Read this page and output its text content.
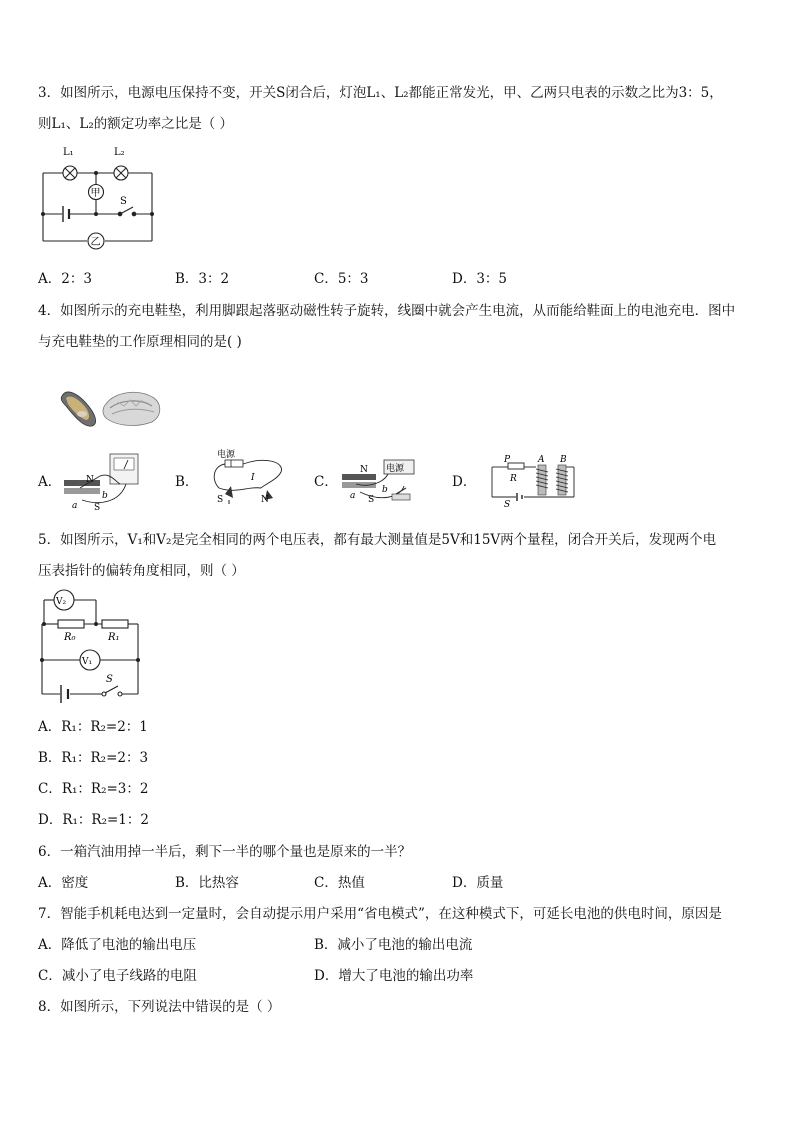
3．如图所示，电源电压保持不变，开关S闭合后，灯泡L₁、L₂都能正常发光，甲、乙两只电表的示数之比为3：5，
则L₁、L₂的额定功率之比是（ ）
L₁	L₂
甲
S
乙
A．2：3	B．3：2	C．5：3	D．3：5
4．如图所示的充电鞋垫，利用脚跟起落驱动磁性转子旋转，线圈中就会产生电流，从而能给鞋面上的电池充电．图中
与充电鞋垫的工作原理相同的是( )
A．	B．	C．	D．
N
S
a
b
电源
I
S	N
电源
N
S
a
b
P
R
S
A B
5．如图所示，V₁和V₂是完全相同的两个电压表，都有最大测量值是5V和15V两个量程，闭合开关后，发现两个电
压表指针的偏转角度相同，则（ ）
V₂
R₀	R₁
V₁
S
A．R₁：R₂=2：1
B．R₁：R₂=2：3
C．R₁：R₂=3：2
D．R₁：R₂=1：2
6．一箱汽油用掉一半后，剩下一半的哪个量也是原来的一半？
A．密度	B．比热容	C．热值	D．质量
7．智能手机耗电达到一定量时，会自动提示用户采用“省电模式”，在这种模式下，可延长电池的供电时间，原因是
A．降低了电池的输出电压	B．减小了电池的输出电流
C．减小了电子线路的电阻	D．增大了电池的输出功率
8．如图所示，下列说法中错误的是（ ）
